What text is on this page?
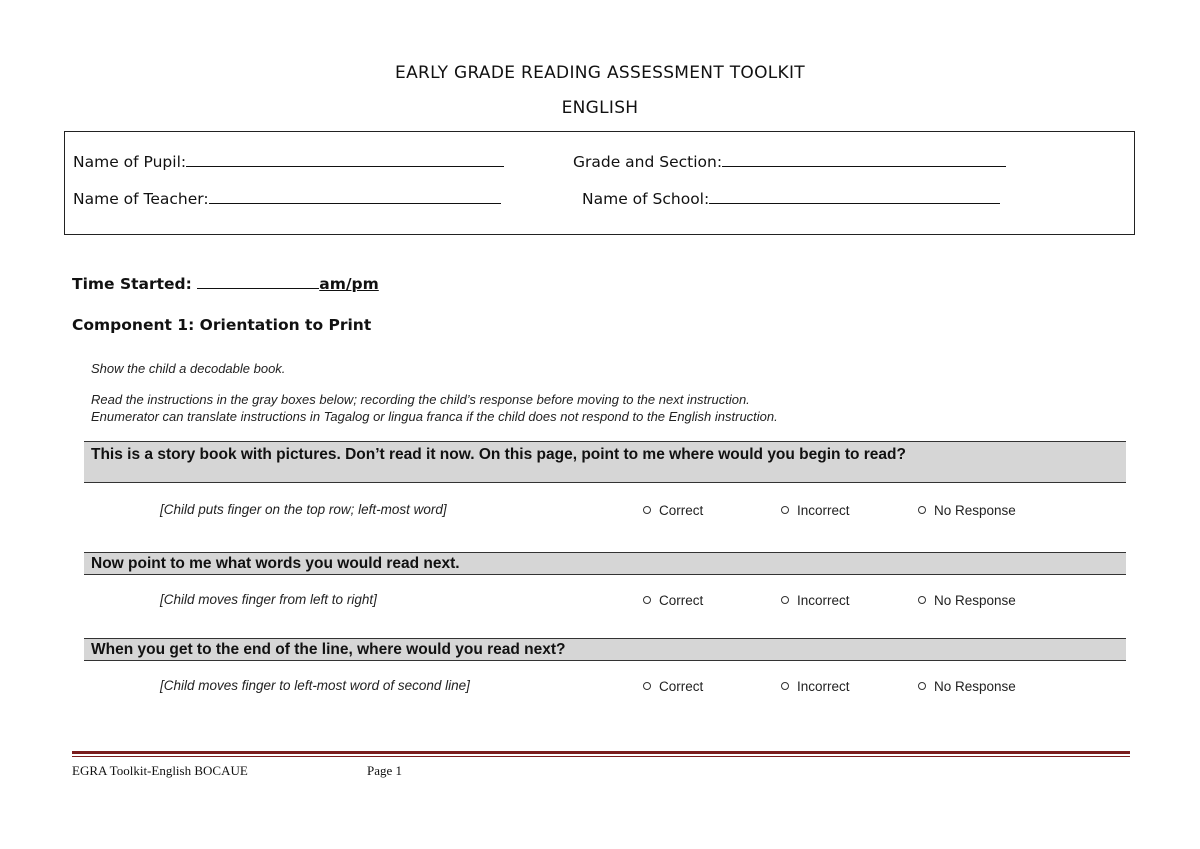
EARLY GRADE READING ASSESSMENT TOOLKIT
ENGLISH
Name of Pupil:	Grade and Section:
Name of Teacher:	Name of School:
Time Started:	am/pm
Component 1: Orientation to Print
Show the child a decodable book.
Read the instructions in the gray boxes below; recording the child’s response before moving to the next instruction.
Enumerator can translate instructions in Tagalog or lingua franca if the child does not respond to the English instruction.
This is a story book with pictures. Don’t read it now. On this page, point to me where would you begin to read?
[Child puts finger on the top row; left-most word]	Correct	Incorrect	No Response
Now point to me what words you would read next.
[Child moves finger from left to right]	Correct	Incorrect	No Response
When you get to the end of the line, where would you read next?
[Child moves finger to left-most word of second line]	Correct	Incorrect	No Response
EGRA Toolkit-English BOCAUE	Page 1
